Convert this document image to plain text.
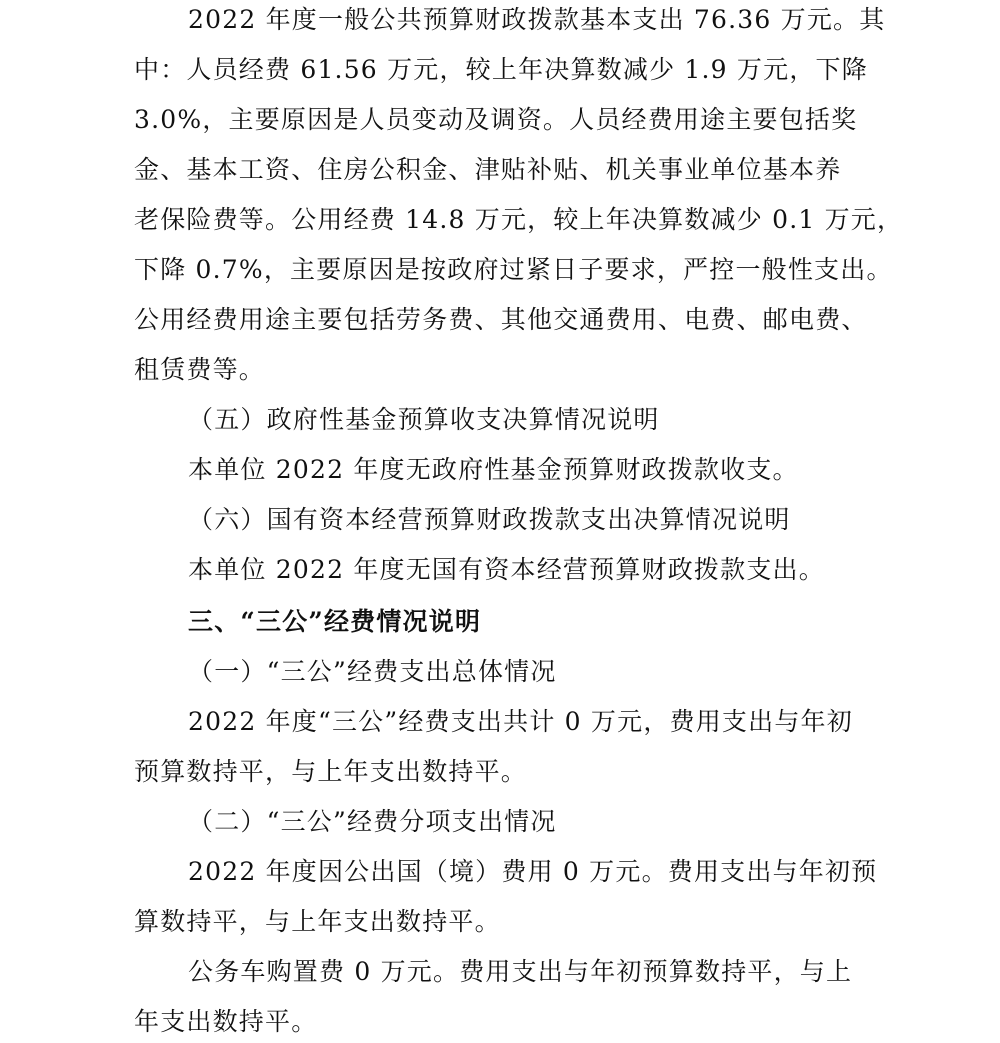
2022 年度一般公共预算财政拨款基本支出 76.36 万元。其
中：人员经费 61.56 万元，较上年决算数减少 1.9 万元，下降
3.0%，主要原因是人员变动及调资。人员经费用途主要包括奖
金、基本工资、住房公积金、津贴补贴、机关事业单位基本养
老保险费等。公用经费 14.8 万元，较上年决算数减少 0.1 万元，
下降 0.7%，主要原因是按政府过紧日子要求，严控一般性支出。
公用经费用途主要包括劳务费、其他交通费用、电费、邮电费、
租赁费等。
（五）政府性基金预算收支决算情况说明
本单位 2022 年度无政府性基金预算财政拨款收支。
（六）国有资本经营预算财政拨款支出决算情况说明
本单位 2022 年度无国有资本经营预算财政拨款支出。
三、“三公”经费情况说明
（一）“三公”经费支出总体情况
2022 年度“三公”经费支出共计 0 万元，费用支出与年初
预算数持平，与上年支出数持平。
（二）“三公”经费分项支出情况
2022 年度因公出国（境）费用 0 万元。费用支出与年初预
算数持平，与上年支出数持平。
公务车购置费 0 万元。费用支出与年初预算数持平，与上
年支出数持平。
